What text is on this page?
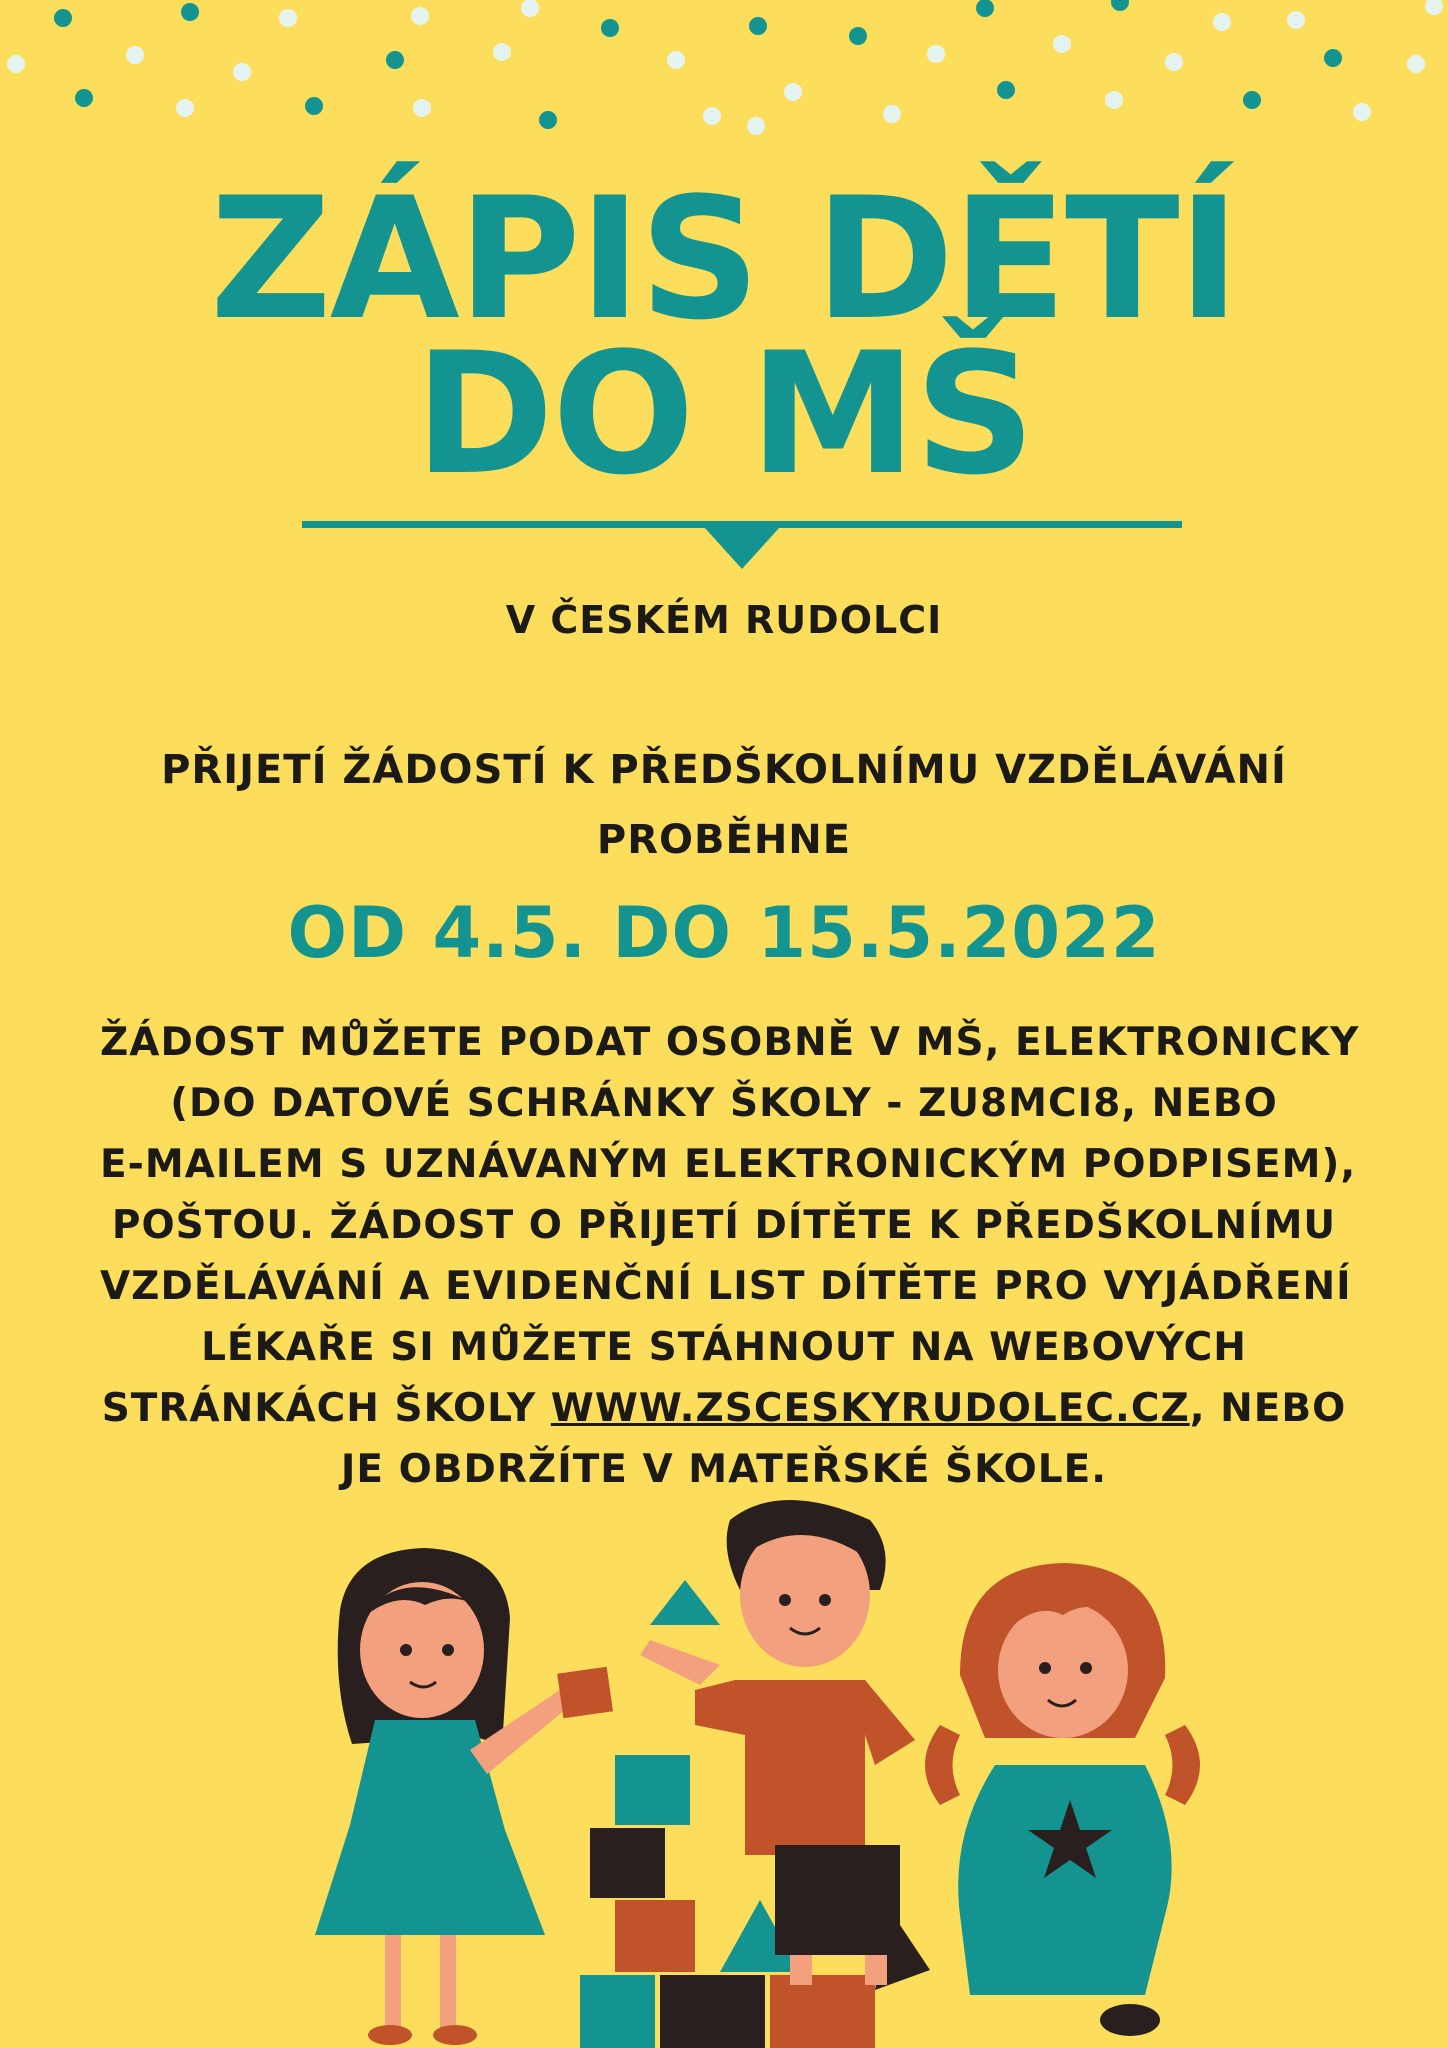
ZÁPIS DĚTÍ
DO MŠ
V ČESKÉM RUDOLCI
PŘIJETÍ ŽÁDOSTÍ K PŘEDŠKOLNÍMU VZDĚLÁVÁNÍ
PROBĚHNE
OD 4.5. DO 15.5.2022
ŽÁDOST MŮŽETE PODAT OSOBNĚ V MŠ, ELEKTRONICKY
(DO DATOVÉ SCHRÁNKY ŠKOLY - ZU8MCI8, NEBO
E-MAILEM S UZNÁVANÝM ELEKTRONICKÝM PODPISEM),
POŠTOU. ŽÁDOST O PŘIJETÍ DÍTĚTE K PŘEDŠKOLNÍMU
VZDĚLÁVÁNÍ A EVIDENČNÍ LIST DÍTĚTE PRO VYJÁDŘENÍ
LÉKAŘE SI MŮŽETE STÁHNOUT NA WEBOVÝCH
STRÁNKÁCH ŠKOLY WWW.ZSCESKYRUDOLEC.CZ, NEBO
JE OBDRŽÍTE V MATEŘSKÉ ŠKOLE.
